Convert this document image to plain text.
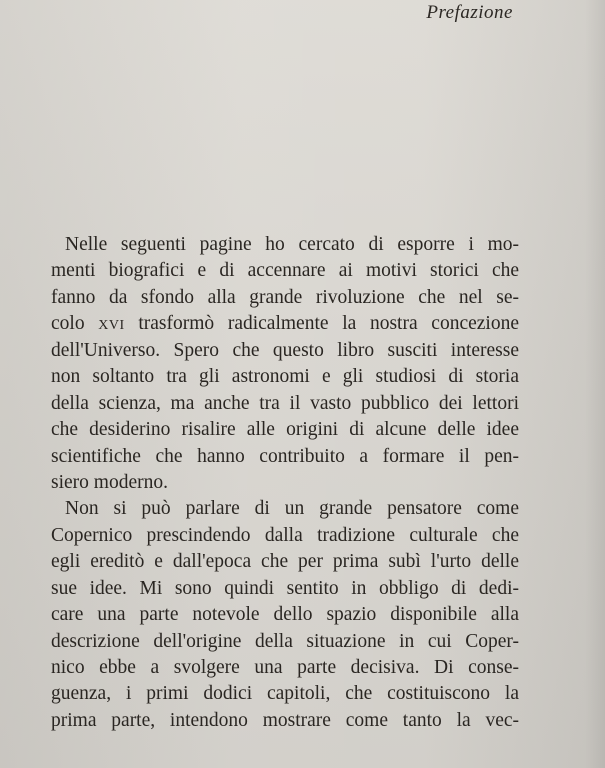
Prefazione
Nelle seguenti pagine ho cercato di esporre i mo-
menti biografici e di accennare ai motivi storici che
fanno da sfondo alla grande rivoluzione che nel se-
colo xvi trasformò radicalmente la nostra concezione
dell'Universo. Spero che questo libro susciti interesse
non soltanto tra gli astronomi e gli studiosi di storia
della scienza, ma anche tra il vasto pubblico dei lettori
che desiderino risalire alle origini di alcune delle idee
scientifiche che hanno contribuito a formare il pen-
siero moderno.
Non si può parlare di un grande pensatore come
Copernico prescindendo dalla tradizione culturale che
egli ereditò e dall'epoca che per prima subì l'urto delle
sue idee. Mi sono quindi sentito in obbligo di dedi-
care una parte notevole dello spazio disponibile alla
descrizione dell'origine della situazione in cui Coper-
nico ebbe a svolgere una parte decisiva. Di conse-
guenza, i primi dodici capitoli, che costituiscono la
prima parte, intendono mostrare come tanto la vec-
